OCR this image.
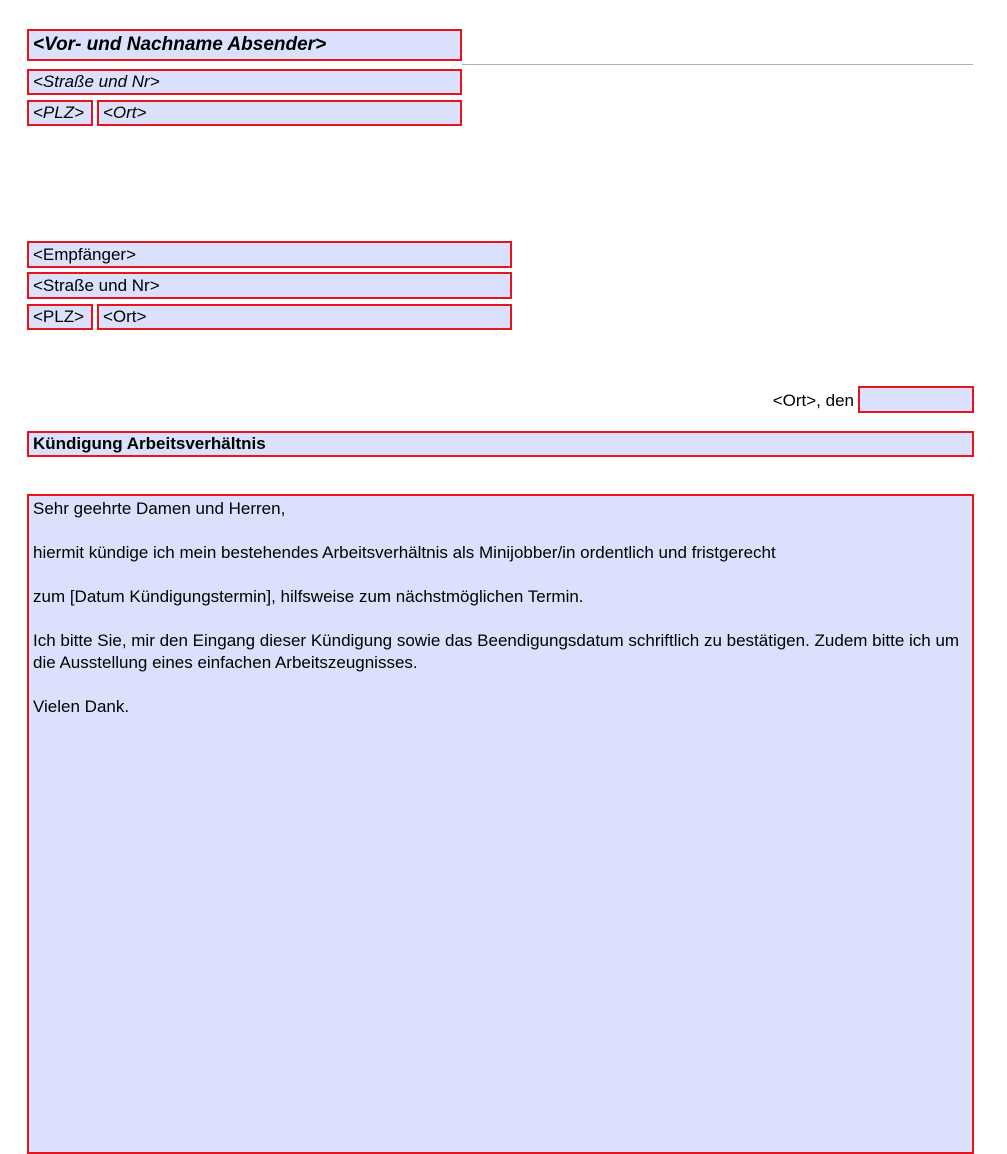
<Vor- und Nachname Absender>
<Straße und Nr>
<PLZ>	<Ort>
<Empfänger>
<Straße und Nr>
<PLZ>	<Ort>
<Ort>, den
Kündigung Arbeitsverhältnis

Sehr geehrte Damen und Herren,

hiermit kündige ich mein bestehendes Arbeitsverhältnis als Minijobber/in ordentlich und fristgerecht

zum [Datum Kündigungstermin], hilfsweise zum nächstmöglichen Termin.

Ich bitte Sie, mir den Eingang dieser Kündigung sowie das Beendigungsdatum schriftlich zu bestätigen. Zudem bitte ich um die Ausstellung eines einfachen Arbeitszeugnisses.

Vielen Dank.
